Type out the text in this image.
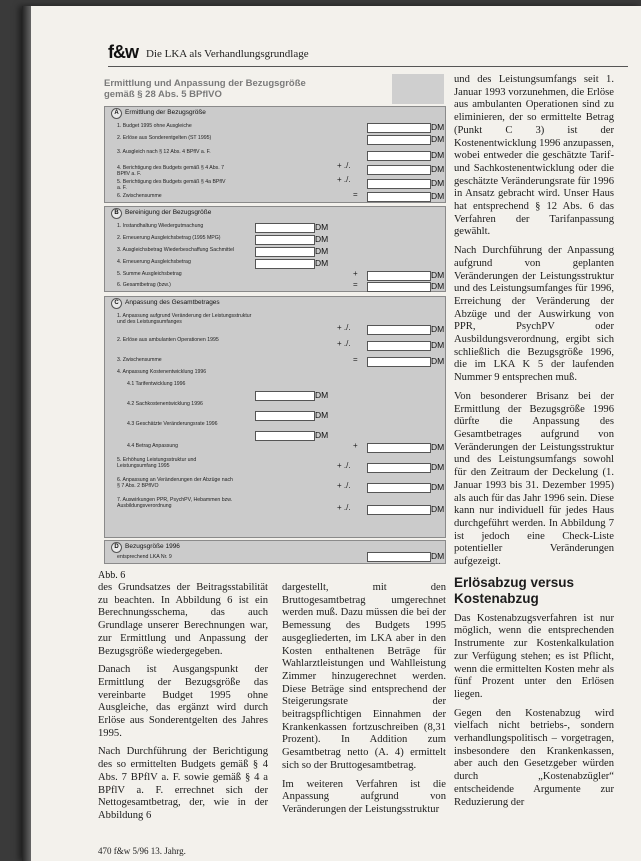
f&w Die LKA als Verhandlungsgrundlage
Ermittlung und Anpassung der Bezugsgröße
gemäß § 28 Abs. 5 BPflVO
A Ermittlung der Bezugsgröße
1. Budget 1995 ohne Ausgleiche
2. Erlöse aus Sonderentgelten (ST 1995)
3. Ausgleich nach § 12 Abs. 4 BPflV a. F.
4. Berichtigung des Budgets gemäß § 4 Abs. 7 BPflV a. F.
5. Berichtigung des Budgets gemäß § 4a BPflV a. F.
6. Zwischensumme
+ ./.
+ ./.
=
DM
DM
DM
DM
DM
DM
B Bereinigung der Bezugsgröße
1. Instandhaltung Wiedergutmachung
2. Erneuerung Ausgleichsbetrag (1995 MPG)
3. Ausgleichsbetrag Wiederbeschaffung Sachmittel
4. Erneuerung Ausgleichsbetrag
5. Summe Ausgleichsbetrag
6. Gesamtbetrag (bzw.)
DM
DM
DM
DM
+
=
DM
DM
C Anpassung des Gesamtbetrages
1. Anpassung aufgrund Veränderung der Leistungsstruktur und des Leistungsumfanges
2. Erlöse aus ambulanten Operationen 1995
3. Zwischensumme
4. Anpassung Kostenentwicklung 1996
4.1 Tarifentwicklung 1996
4.2 Sachkostenentwicklung 1996
4.3 Geschätzte Veränderungsrate 1996
4.4 Betrag Anpassung
5. Erhöhung Leistungsstruktur und Leistungsumfang 1995
6. Anpassung an Veränderungen der Abzüge nach § 7 Abs. 2 BPflVO
7. Auswirkungen PPR, PsychPV, Hebammen bzw. Ausbildungsverordnung
+ ./.
+ ./.
=
+
+ ./.
+ ./.
+ ./.
DM
DM
DM
DM
DM
DM
DM
DM
DM
DM
D Bezugsgröße 1996
entsprechend LKA Nr. 9	DM
Abb. 6

und des Leistungsumfangs seit 1. Januar 1993 vorzunehmen, die Erlöse aus ambulanten Operationen sind zu eliminieren, der so ermittelte Betrag (Punkt C 3) ist der Kostenentwicklung 1996 anzupassen, wobei entweder die geschätzte Tarif- und Sachkostenentwicklung oder die geschätzte Veränderungsrate für 1996 in Ansatz gebracht wird. Unser Haus hat entsprechend § 12 Abs. 6 das Verfahren der Tarifanpassung gewählt.

Nach Durchführung der Anpassung aufgrund von geplanten Veränderungen der Leistungsstruktur und des Leistungsumfanges für 1996, Erreichung der Veränderung der Abzüge und der Auswirkung von PPR, PsychPV oder Ausbildungsverordnung, ergibt sich schließlich die Bezugsgröße 1996, die im LKA K 5 der laufenden Nummer 9 entsprechen muß.

Von besonderer Brisanz bei der Ermittlung der Bezugsgröße 1996 dürfte die Anpassung des Gesamtbetrages aufgrund von Veränderungen der Leistungsstruktur und des Leistungsumfangs sowohl für den Zeitraum der Deckelung (1. Januar 1993 bis 31. Dezember 1995) als auch für das Jahr 1996 sein. Diese kann nur individuell für jedes Haus durchgeführt werden. In Abbildung 7 ist jedoch eine Check-Liste potentieller Veränderungen aufgezeigt.

Erlösabzug versus Kostenabzug

Das Kostenabzugsverfahren ist nur möglich, wenn die entsprechenden Instrumente zur Kostenkalkulation zur Verfügung stehen; es ist Pflicht, wenn die ermittelten Kosten mehr als fünf Prozent unter den Erlösen liegen.

Gegen den Kostenabzug wird vielfach nicht betriebs-, sondern verhandlungspolitisch – vorgetragen, insbesondere den Krankenkassen, aber auch den Gesetzgeber würden durch „Kostenabzügler“ entscheidende Argumente zur Reduzierung der

des Grundsatzes der Beitragsstabilität zu beachten. In Abbildung 6 ist ein Berechnungsschema, das auch Grundlage unserer Berechnungen war, zur Ermittlung und Anpassung der Bezugsgröße wiedergegeben.

Danach ist Ausgangspunkt der Ermittlung der Bezugsgröße das vereinbarte Budget 1995 ohne Ausgleiche, das ergänzt wird durch Erlöse aus Sonderentgelten des Jahres 1995.

Nach Durchführung der Berichtigung des so ermittelten Budgets gemäß § 4 Abs. 7 BPflV a. F. sowie gemäß § 4 a BPflV a. F. errechnet sich der Nettogesamtbetrag, der, wie in der Abbildung 6

dargestellt, mit den Bruttogesamtbetrag umgerechnet werden muß. Dazu müssen die bei der Bemessung des Budgets 1995 ausgegliederten, im LKA aber in den Kosten enthaltenen Beträge für Wahlarztleistungen und Wahlleistung Zimmer hinzugerechnet werden. Diese Beträge sind entsprechend der Steigerungsrate der beitragspflichtigen Einnahmen der Krankenkassen fortzuschreiben (8,31 Prozent). In Addition zum Gesamtbetrag netto (A. 4) ermittelt sich so der Bruttogesamtbetrag.

Im weiteren Verfahren ist die Anpassung aufgrund von Veränderungen der Leistungsstruktur

470 f&w 5/96 13. Jahrg.
